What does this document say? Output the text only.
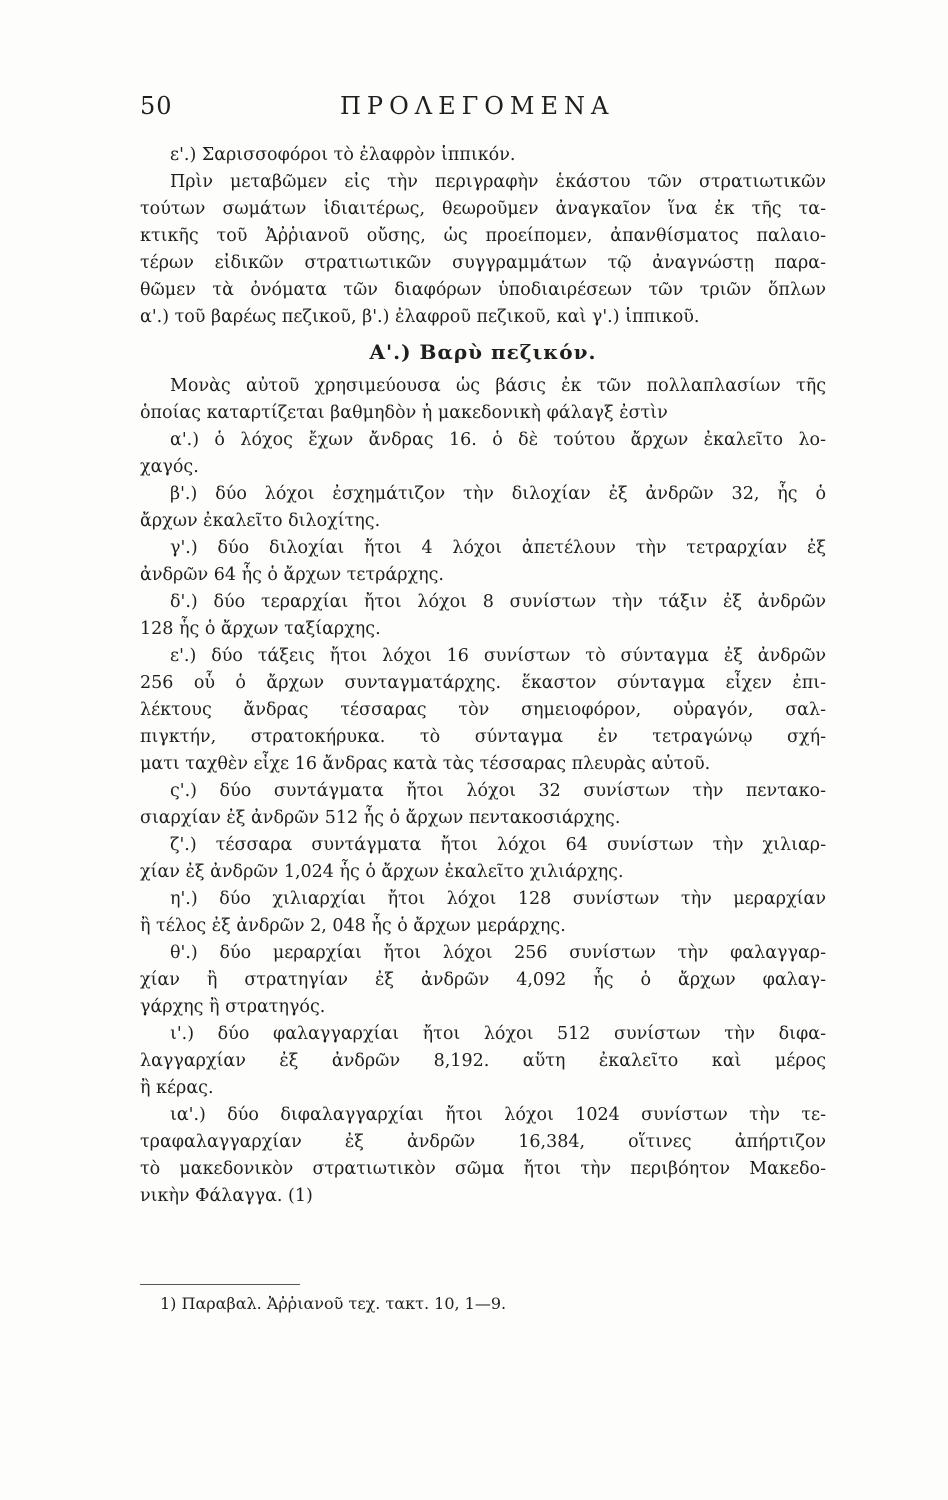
50	ΠΡΟΛΕΓΟΜΕΝΑ
ε'.) Σαρισσοφόροι τὸ ἐλαφρὸν ἱππικόν.
Πρὶν μεταβῶμεν εἰς τὴν περιγραφὴν ἑκάστου τῶν στρατιωτικῶν
τούτων σωμάτων ἰδιαιτέρως, θεωροῦμεν ἀναγκαῖον ἵνα ἐκ τῆς τα-
κτικῆς τοῦ Ἀῤῥιανοῦ οὔσης, ὡς προείπομεν, ἀπανθίσματος παλαιο-
τέρων εἰδικῶν στρατιωτικῶν συγγραμμάτων τῷ ἀναγνώστῃ παρα-
θῶμεν τὰ ὀνόματα τῶν διαφόρων ὑποδιαιρέσεων τῶν τριῶν ὅπλων
α'.) τοῦ βαρέως πεζικοῦ, β'.) ἐλαφροῦ πεζικοῦ, καὶ γ'.) ἱππικοῦ.
Α'.) Βαρὺ πεζικόν.
Μονὰς αὐτοῦ χρησιμεύουσα ὡς βάσις ἐκ τῶν πολλαπλασίων τῆς
ὁποίας καταρτίζεται βαθμηδὸν ἡ μακεδονικὴ φάλαγξ ἐστὶν
α'.) ὁ λόχος ἔχων ἄνδρας 16. ὁ δὲ τούτου ἄρχων ἐκαλεῖτο λο-
χαγός.
β'.) δύο λόχοι ἐσχημάτιζον τὴν διλοχίαν ἐξ ἀνδρῶν 32, ἧς ὁ
ἄρχων ἐκαλεῖτο διλοχίτης.
γ'.) δύο διλοχίαι ἤτοι 4 λόχοι ἀπετέλουν τὴν τετραρχίαν ἐξ
ἀνδρῶν 64 ἧς ὁ ἄρχων τετράρχης.
δ'.) δύο τεραρχίαι ἤτοι λόχοι 8 συνίστων τὴν τάξιν ἐξ ἀνδρῶν
128 ἧς ὁ ἄρχων ταξίαρχης.
ε'.) δύο τάξεις ἤτοι λόχοι 16 συνίστων τὸ σύνταγμα ἐξ ἀνδρῶν
256 οὗ ὁ ἄρχων συνταγματάρχης. ἕκαστον σύνταγμα εἶχεν ἐπι-
λέκτους ἄνδρας τέσσαρας τὸν σημειοφόρον, οὐραγόν, σαλ-
πιγκτήν, στρατοκήρυκα. τὸ σύνταγμα ἐν τετραγώνῳ σχή-
ματι ταχθὲν εἶχε 16 ἄνδρας κατὰ τὰς τέσσαρας πλευρὰς αὐτοῦ.
ς'.) δύο συντάγματα ἤτοι λόχοι 32 συνίστων τὴν πεντακο-
σιαρχίαν ἐξ ἀνδρῶν 512 ἧς ὁ ἄρχων πεντακοσιάρχης.
ζ'.) τέσσαρα συντάγματα ἤτοι λόχοι 64 συνίστων τὴν χιλιαρ-
χίαν ἐξ ἀνδρῶν 1,024 ἧς ὁ ἄρχων ἐκαλεῖτο χιλιάρχης.
η'.) δύο χιλιαρχίαι ἤτοι λόχοι 128 συνίστων τὴν μεραρχίαν
ἢ τέλος ἐξ ἀνδρῶν 2, 048 ἧς ὁ ἄρχων μεράρχης.
θ'.) δύο μεραρχίαι ἤτοι λόχοι 256 συνίστων τὴν φαλαγγαρ-
χίαν ἢ στρατηγίαν ἐξ ἀνδρῶν 4,092 ἧς ὁ ἄρχων φαλαγ-
γάρχης ἢ στρατηγός.
ι'.) δύο φαλαγγαρχίαι ἤτοι λόχοι 512 συνίστων τὴν διφα-
λαγγαρχίαν ἐξ ἀνδρῶν 8,192. αὕτη ἐκαλεῖτο καὶ μέρος
ἢ κέρας.
ια'.) δύο διφαλαγγαρχίαι ἤτοι λόχοι 1024 συνίστων τὴν τε-
τραφαλαγγαρχίαν ἐξ ἀνδρῶν 16,384, οἵτινες ἀπήρτιζον
τὸ μακεδονικὸν στρατιωτικὸν σῶμα ἤτοι τὴν περιβόητον Μακεδο-
νικὴν Φάλαγγα. (1)
1) Παραβαλ. Ἀῤῥιανοῦ τεχ. τακτ. 10, 1—9.
